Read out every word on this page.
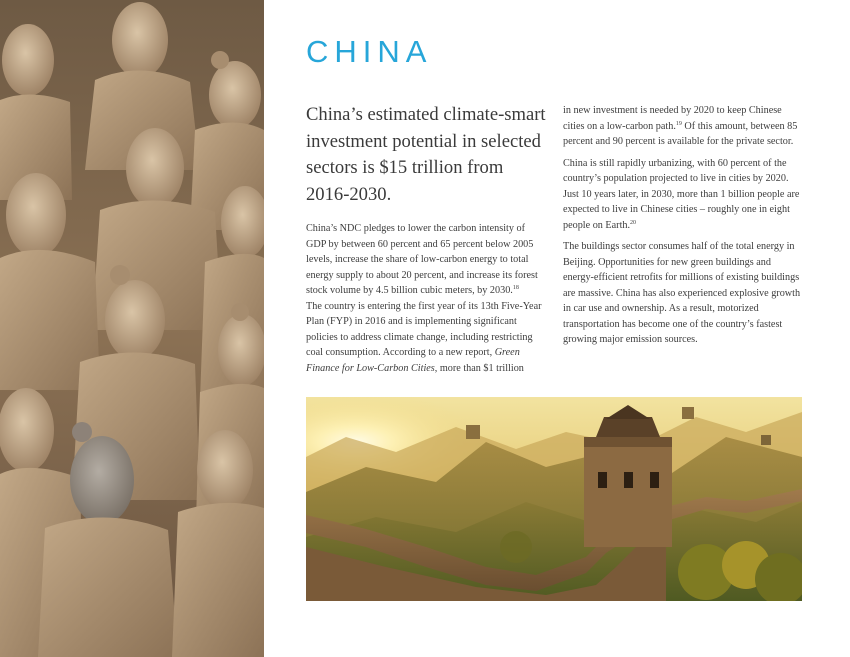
CHINA

China’s estimated climate-smart investment potential in selected sectors is $15 trillion from 2016-2030.

China’s NDC pledges to lower the carbon intensity of GDP by between 60 percent and 65 percent below 2005 levels, increase the share of low-carbon energy to total energy supply to about 20 percent, and increase its forest stock volume by 4.5 billion cubic meters, by 2030.18
The country is entering the first year of its 13th Five-Year Plan (FYP) in 2016 and is implementing significant policies to address climate change, including restricting coal consumption. According to a new report, Green Finance for Low-Carbon Cities, more than $1 trillion

in new investment is needed by 2020 to keep Chinese cities on a low-carbon path.$^{19}$ Of this amount, between 85 percent and 90 percent is available for the private sector.

China is still rapidly urbanizing, with 60 percent of the country’s population projected to live in cities by 2020. Just 10 years later, in 2030, more than 1 billion people are expected to live in Chinese cities – roughly one in eight people on Earth.$^{20}$

The buildings sector consumes half of the total energy in Beijing. Opportunities for new green buildings and energy-efficient retrofits for millions of existing buildings are massive. China has also experienced explosive growth in car use and ownership. As a result, motorized transportation has become one of the country’s fastest growing major emission sources.
